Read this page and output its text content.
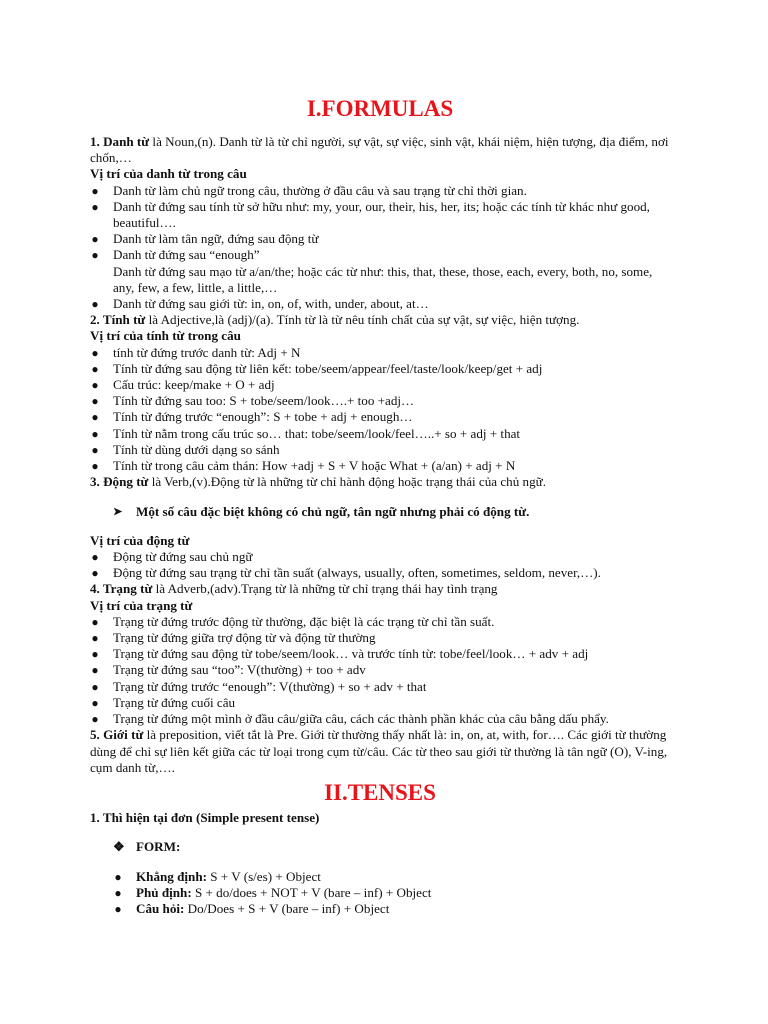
I.FORMULAS

1. Danh từ là Noun,(n). Danh từ là từ chỉ người, sự vật, sự việc, sinh vật, khái niệm, hiện tượng, địa điểm, nơi chốn,…

Vị trí của danh từ trong câu

● Danh từ làm chủ ngữ trong câu, thường ở đầu câu và sau trạng từ chỉ thời gian.
● Danh từ đứng sau tính từ sở hữu như: my, your, our, their, his, her, its; hoặc các tính từ khác như good, beautiful….
● Danh từ làm tân ngữ, đứng sau động từ
● Danh từ đứng sau “enough”

Danh từ đứng sau mạo từ a/an/the; hoặc các từ như: this, that, these, those, each, every, both, no, some, any, few, a few, little, a little,…

● Danh từ đứng sau giới từ: in, on, of, with, under, about, at…

2. Tính từ là Adjective,là (adj)/(a). Tính từ là từ nêu tính chất của sự vật, sự việc, hiện tượng.

Vị trí của tính từ trong câu

● tính từ đứng trước danh từ: Adj + N
● Tính từ đứng sau động từ liên kết: tobe/seem/appear/feel/taste/look/keep/get + adj
● Cấu trúc: keep/make + O + adj
● Tính từ đứng sau too: S + tobe/seem/look….+ too +adj…
● Tính từ đứng trước “enough”: S + tobe + adj + enough…
● Tính từ nằm trong cấu trúc so… that: tobe/seem/look/feel…..+ so + adj + that
● Tính từ dùng dưới dạng so sánh
● Tính từ trong câu cảm thán: How +adj + S + V hoặc What + (a/an) + adj + N

3. Động từ là Verb,(v).Động từ là những từ chỉ hành động hoặc trạng thái của chủ ngữ.

➤ Một số câu đặc biệt không có chủ ngữ, tân ngữ nhưng phải có động từ.

Vị trí của động từ

● Động từ đứng sau chủ ngữ
● Động từ đứng sau trạng từ chỉ tần suất (always, usually, often, sometimes, seldom, never,…).

4. Trạng từ là Adverb,(adv).Trạng từ là những từ chỉ trạng thái hay tình trạng

Vị trí của trạng từ

● Trạng từ đứng trước động từ thường, đặc biệt là các trạng từ chỉ tần suất.
● Trạng từ đứng giữa trợ động từ và động từ thường
● Trạng từ đứng sau động từ tobe/seem/look… và trước tính từ: tobe/feel/look… + adv + adj
● Trạng từ đứng sau “too”: V(thường) + too + adv
● Trạng từ đứng trước “enough”: V(thường) + so + adv + that
● Trạng từ đứng cuối câu
● Trạng từ đứng một mình ở đầu câu/giữa câu, cách các thành phần khác của câu bằng dấu phẩy.

5. Giới từ là preposition, viết tắt là Pre. Giới từ thường thấy nhất là: in, on, at, with, for…. Các giới từ thường dùng để chỉ sự liên kết giữa các từ loại trong cụm từ/câu. Các từ theo sau giới từ thường là tân ngữ (O), V-ing, cụm danh từ,….

II.TENSES

1. Thì hiện tại đơn (Simple present tense)

❖ FORM:

● Khẳng định: S + V (s/es) + Object
● Phủ định: S + do/does + NOT + V (bare – inf) + Object
● Câu hỏi: Do/Does + S + V (bare – inf) + Object
